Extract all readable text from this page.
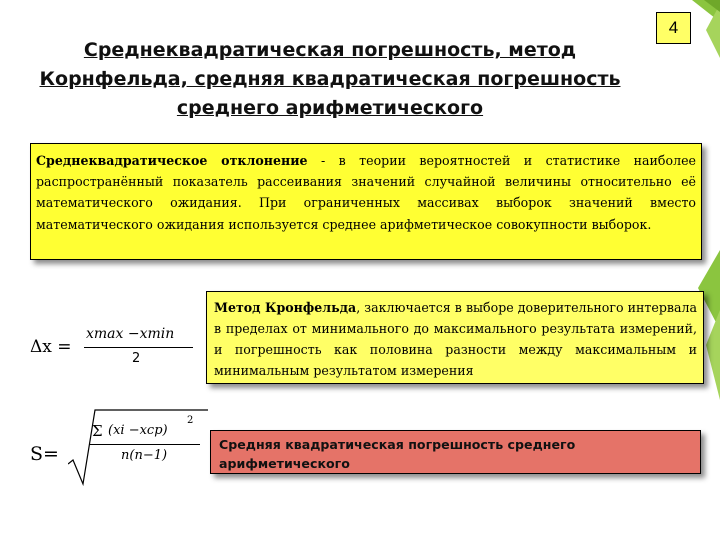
4
Среднеквадратическая погрешность, метод
Корнфельда, средняя квадратическая погрешность
среднего арифметического
Среднеквадратическое отклонение - в теории вероятностей и статистике наиболее распространённый показатель рассеивания значений случайной величины относительно её математического ожидания. При ограниченных массивах выборок значений вместо математического ожидания используется среднее арифметическое совокупности выборок.
Δx =
xmax −xmin
2
Метод Кронфельда, заключается в выборе доверительного интервала в пределах от минимального до максимального результата измерений, и погрешность как половина разности между максимальным и минимальным результатом измерения
S=
Σ (xi −xcp)
2
n(n−1)
Средняя квадратическая погрешность среднего арифметического
